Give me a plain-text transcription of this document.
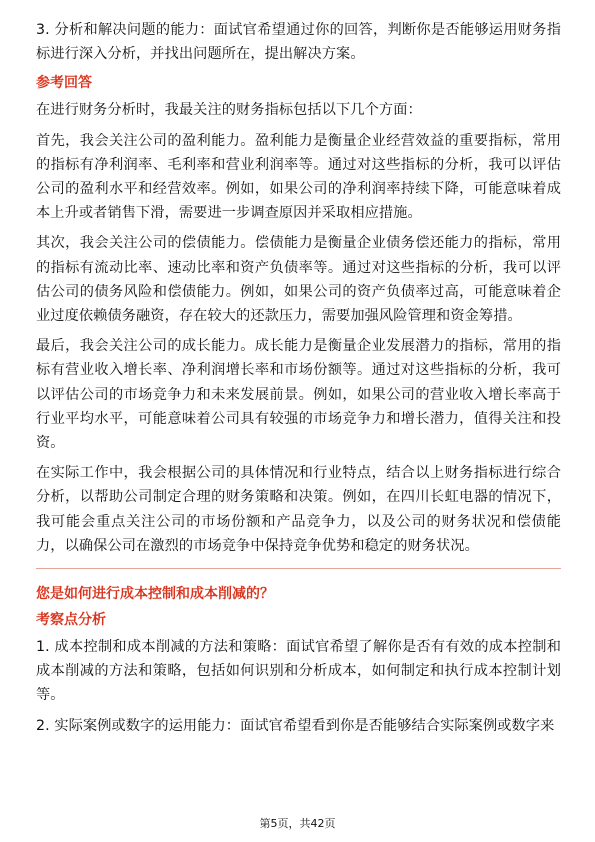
3. 分析和解决问题的能力：面试官希望通过你的回答，判断你是否能够运用财务指标进行深入分析，并找出问题所在，提出解决方案。

参考回答

在进行财务分析时，我最关注的财务指标包括以下几个方面：

首先，我会关注公司的盈利能力。盈利能力是衡量企业经营效益的重要指标，常用的指标有净利润率、毛利率和营业利润率等。通过对这些指标的分析，我可以评估公司的盈利水平和经营效率。例如，如果公司的净利润率持续下降，可能意味着成本上升或者销售下滑，需要进一步调查原因并采取相应措施。

其次，我会关注公司的偿债能力。偿债能力是衡量企业债务偿还能力的指标，常用的指标有流动比率、速动比率和资产负债率等。通过对这些指标的分析，我可以评估公司的债务风险和偿债能力。例如，如果公司的资产负债率过高，可能意味着企业过度依赖债务融资，存在较大的还款压力，需要加强风险管理和资金筹措。

最后，我会关注公司的成长能力。成长能力是衡量企业发展潜力的指标，常用的指标有营业收入增长率、净利润增长率和市场份额等。通过对这些指标的分析，我可以评估公司的市场竞争力和未来发展前景。例如，如果公司的营业收入增长率高于行业平均水平，可能意味着公司具有较强的市场竞争力和增长潜力，值得关注和投资。

在实际工作中，我会根据公司的具体情况和行业特点，结合以上财务指标进行综合分析，以帮助公司制定合理的财务策略和决策。例如，在四川长虹电器的情况下，我可能会重点关注公司的市场份额和产品竞争力，以及公司的财务状况和偿债能力，以确保公司在激烈的市场竞争中保持竞争优势和稳定的财务状况。

您是如何进行成本控制和成本削减的？
考察点分析

1. 成本控制和成本削减的方法和策略：面试官希望了解你是否有有效的成本控制和成本削减的方法和策略，包括如何识别和分析成本，如何制定和执行成本控制计划等。

2. 实际案例或数字的运用能力：面试官希望看到你是否能够结合实际案例或数字来

第5页，共42页
